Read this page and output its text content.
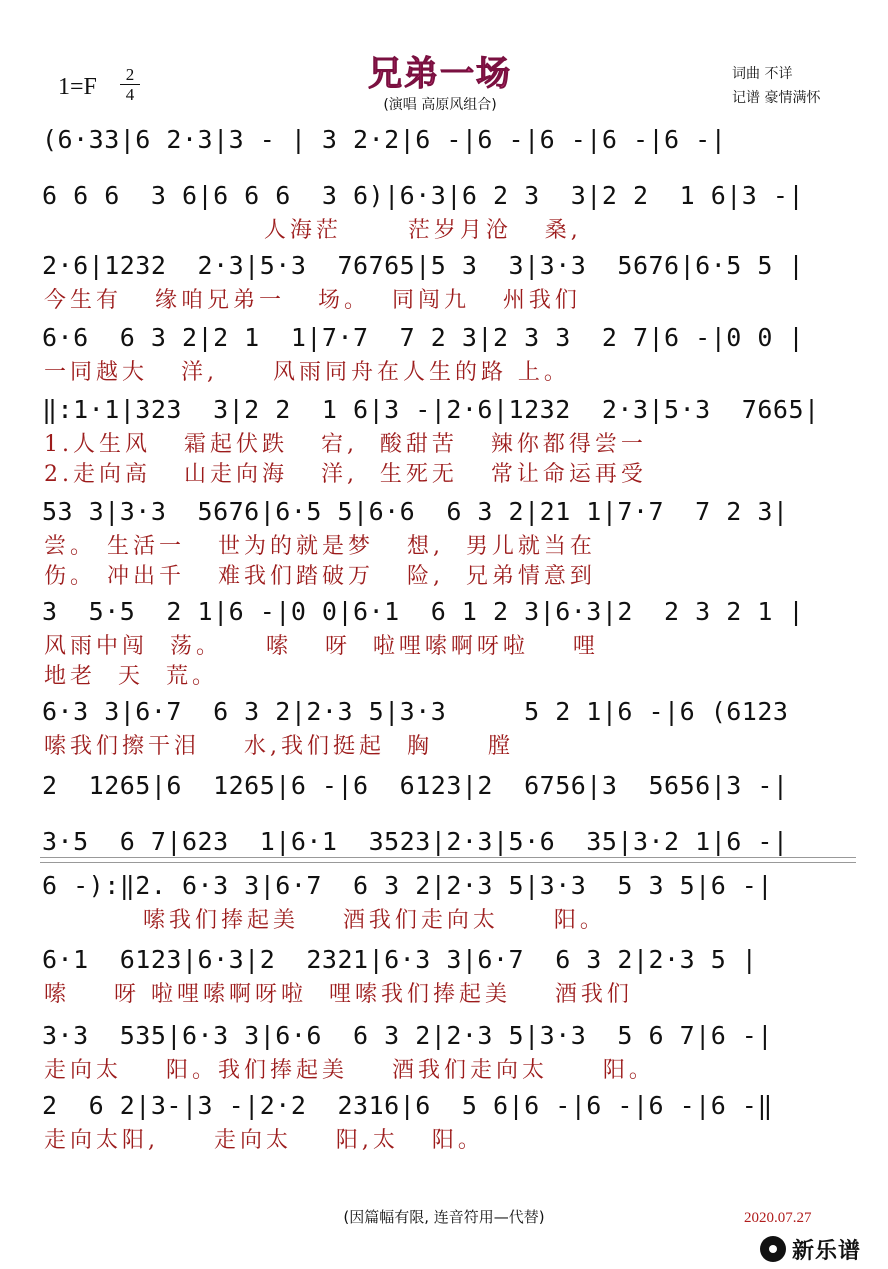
1=F	2
4
兄弟一场
(演唱 高原风组合)
词曲 不详
记谱 豪情满怀
(6·33|6 2·3|3 - | 3 2·2|6 -|6 -|6 -|6 -|6 -|
6 6 6  3 6|6 6 6  3 6)|6·3|6 2 3  3|2 2  1 6|3 -|
人海茫      茫岁月沧   桑,
2·6|1232  2·3|5·3  76765|5 3  3|3·3  5676|6·5 5 |
今生有   缘咱兄弟一   场。  同闯九   州我们
6·6  6 3 2|2 1  1|7·7  7 2 3|2 3 3  2 7|6 -|0 0 |
一同越大   洋,     风雨同舟在人生的路 上。
‖:1·1|323  3|2 2  1 6|3 -|2·6|1232  2·3|5·3  7665|
1.人生风   霜起伏跌   宕,  酸甜苦   辣你都得尝一
2.走向高   山走向海   洋,  生死无   常让命运再受
53 3|3·3  5676|6·5 5|6·6  6 3 2|21 1|7·7  7 2 3|
尝。 生活一   世为的就是梦   想,  男儿就当在
伤。 冲出千   难我们踏破万   险,  兄弟情意到
3  5·5  2 1|6 -|0 0|6·1  6 1 2 3|6·3|2  2 3 2 1 |
风雨中闯  荡。    嗦   呀  啦哩嗦啊呀啦    哩
地老  天  荒。
6·3 3|6·7  6 3 2|2·3 5|3·3     5 2 1|6 -|6 (6123
嗦我们擦干泪    水,我们挺起  胸     膛
2  1265|6  1265|6 -|6  6123|2  6756|3  5656|3 -|
3·5  6 7|623  1|6·1  3523|2·3|5·6  35|3·2 1|6 -|
6 -):‖2. 6·3 3|6·7  6 3 2|2·3 5|3·3  5 3 5|6 -|
嗦我们捧起美    酒我们走向太     阳。
6·1  6123|6·3|2  2321|6·3 3|6·7  6 3 2|2·3 5 |
嗦    呀 啦哩嗦啊呀啦  哩嗦我们捧起美    酒我们
3·3  535|6·3 3|6·6  6 3 2|2·3 5|3·3  5 6 7|6 -|
走向太    阳。我们捧起美    酒我们走向太     阳。
2  6 2|3-|3 -|2·2  2316|6  5 6|6 -|6 -|6 -|6 -‖
走向太阳,     走向太    阳,太   阳。
(因篇幅有限, 连音符用—代替)	2020.07.27
新乐谱
